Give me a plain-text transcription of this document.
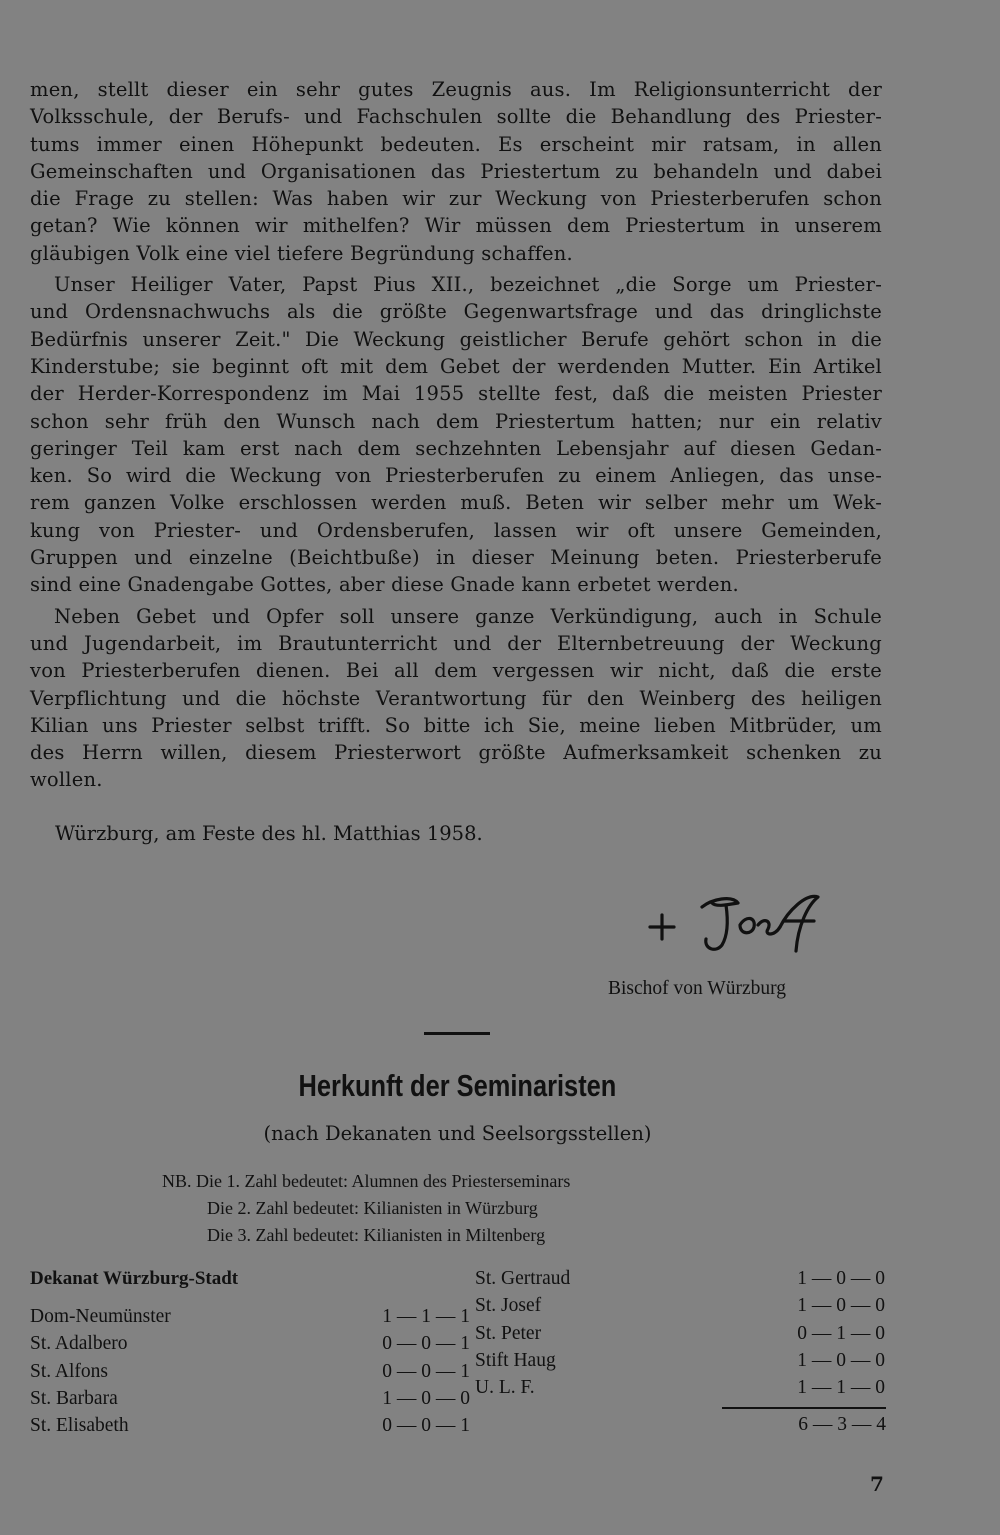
men, stellt dieser ein sehr gutes Zeugnis aus. Im Religionsunterricht der
Volksschule, der Berufs- und Fachschulen sollte die Behandlung des Priester-
tums immer einen Höhepunkt bedeuten. Es erscheint mir ratsam, in allen
Gemeinschaften und Organisationen das Priestertum zu behandeln und dabei
die Frage zu stellen: Was haben wir zur Weckung von Priesterberufen schon
getan? Wie können wir mithelfen? Wir müssen dem Priestertum in unserem
gläubigen Volk eine viel tiefere Begründung schaffen.

Unser Heiliger Vater, Papst Pius XII., bezeichnet „die Sorge um Priester-
und Ordensnachwuchs als die größte Gegenwartsfrage und das dringlichste
Bedürfnis unserer Zeit." Die Weckung geistlicher Berufe gehört schon in die
Kinderstube; sie beginnt oft mit dem Gebet der werdenden Mutter. Ein Artikel
der Herder-Korrespondenz im Mai 1955 stellte fest, daß die meisten Priester
schon sehr früh den Wunsch nach dem Priestertum hatten; nur ein relativ
geringer Teil kam erst nach dem sechzehnten Lebensjahr auf diesen Gedan-
ken. So wird die Weckung von Priesterberufen zu einem Anliegen, das unse-
rem ganzen Volke erschlossen werden muß. Beten wir selber mehr um Wek-
kung von Priester- und Ordensberufen, lassen wir oft unsere Gemeinden,
Gruppen und einzelne (Beichtbuße) in dieser Meinung beten. Priesterberufe
sind eine Gnadengabe Gottes, aber diese Gnade kann erbetet werden.

Neben Gebet und Opfer soll unsere ganze Verkündigung, auch in Schule
und Jugendarbeit, im Brautunterricht und der Elternbetreuung der Weckung
von Priesterberufen dienen. Bei all dem vergessen wir nicht, daß die erste
Verpflichtung und die höchste Verantwortung für den Weinberg des heiligen
Kilian uns Priester selbst trifft. So bitte ich Sie, meine lieben Mitbrüder, um
des Herrn willen, diesem Priesterwort größte Aufmerksamkeit schenken zu
wollen.

Würzburg, am Feste des hl. Matthias 1958.
Bischof von Würzburg
Herkunft der Seminaristen
(nach Dekanaten und Seelsorgsstellen)
NB. Die 1. Zahl bedeutet: Alumnen des Priesterseminars
Die 2. Zahl bedeutet: Kilianisten in Würzburg
Die 3. Zahl bedeutet: Kilianisten in Miltenberg
Dekanat Würzburg-Stadt
Dom-Neumünster	1 — 1 — 1
St. Adalbero	0 — 0 — 1
St. Alfons	0 — 0 — 1
St. Barbara	1 — 0 — 0
St. Elisabeth	0 — 0 — 1
St. Gertraud	1 — 0 — 0
St. Josef	1 — 0 — 0
St. Peter	0 — 1 — 0
Stift Haug	1 — 0 — 0
U. L. F.	1 — 1 — 0
6 — 3 — 4
7
